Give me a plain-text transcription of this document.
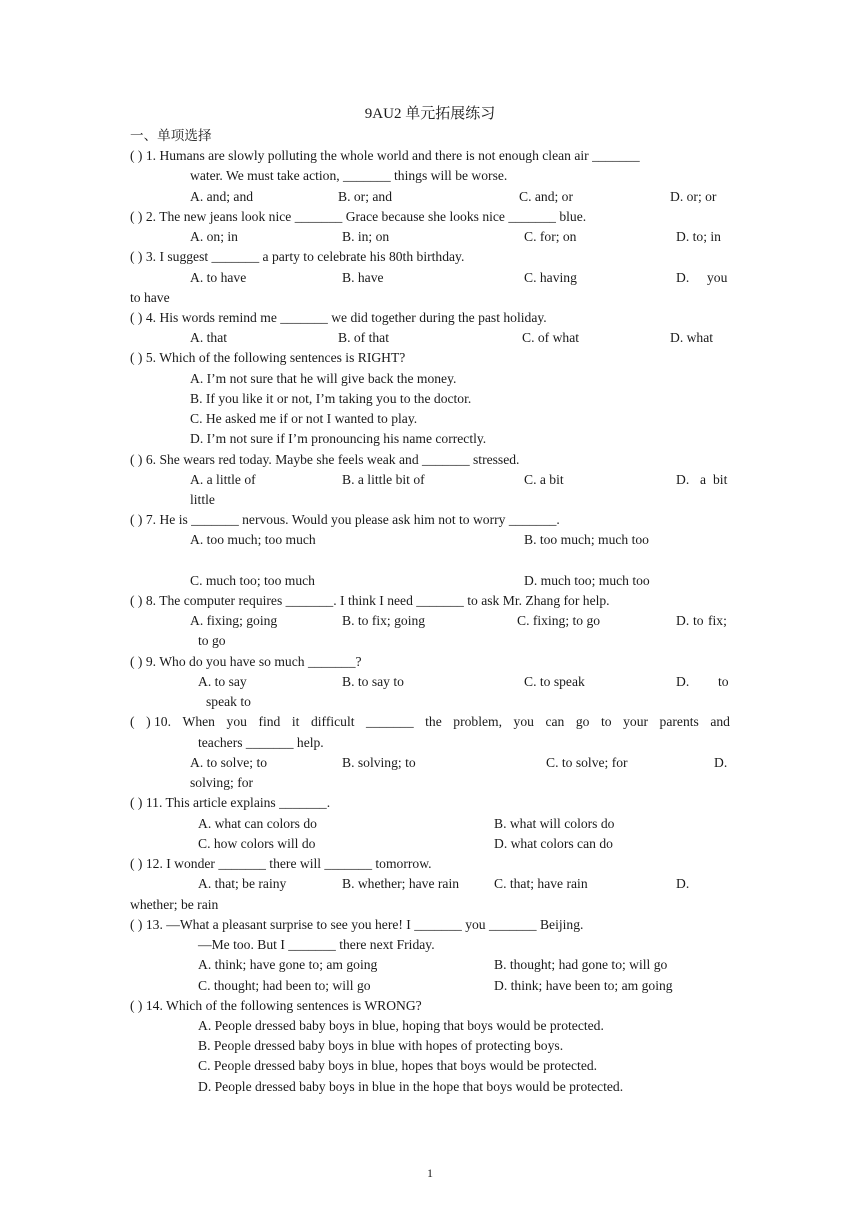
9AU2 单元拓展练习
一、单项选择
( ) 1. Humans are slowly polluting the whole world and there is not enough clean air _______
water. We must take action, _______ things will be worse.
A. and; and	B. or; and	C. and; or	D. or; or
( ) 2. The new jeans look nice _______ Grace because she looks nice _______ blue.
A. on; in	B. in; on	C. for; on	D. to; in
( ) 3. I suggest _______ a party to celebrate his 80th birthday.
A. to have	B. have	C. having	D. you
to have
( ) 4. His words remind me _______ we did together during the past holiday.
A. that	B. of that	C. of what	D. what
( ) 5. Which of the following sentences is RIGHT?
A. I’m not sure that he will give back the money.
B. If you like it or not, I’m taking you to the doctor.
C. He asked me if or not I wanted to play.
D. I’m not sure if I’m pronouncing his name correctly.
( ) 6. She wears red today. Maybe she feels weak and _______ stressed.
A. a little of	B. a little bit of	C. a bit	D. a bit
little
( ) 7. He is _______ nervous. Would you please ask him not to worry _______.
A. too much; too much	B. too much; much too
C. much too; too much	D. much too; much too
( ) 8. The computer requires _______. I think I need _______ to ask Mr. Zhang for help.
A. fixing; going	B. to fix; going	C. fixing; to go	D. to fix;
to go
( ) 9. Who do you have so much _______?
A. to say	B. to say to	C. to speak	D. to
speak to
( ) 10. When you find it difficult _______ the problem, you can go to your parents and
teachers _______ help.
A. to solve; to	B. solving; to	C. to solve; for	D.
solving; for
( ) 11. This article explains _______.
A. what can colors do	B. what will colors do
C. how colors will do	D. what colors can do
( ) 12. I wonder _______ there will _______ tomorrow.
A. that; be rainy	B. whether; have rain	C. that; have rain	D.
whether; be rain
( ) 13. —What a pleasant surprise to see you here! I _______ you _______ Beijing.
—Me too. But I _______ there next Friday.
A. think; have gone to; am going	B. thought; had gone to; will go
C. thought; had been to; will go	D. think; have been to; am going
( ) 14. Which of the following sentences is WRONG?
A. People dressed baby boys in blue, hoping that boys would be protected.
B. People dressed baby boys in blue with hopes of protecting boys.
C. People dressed baby boys in blue, hopes that boys would be protected.
D. People dressed baby boys in blue in the hope that boys would be protected.
1
